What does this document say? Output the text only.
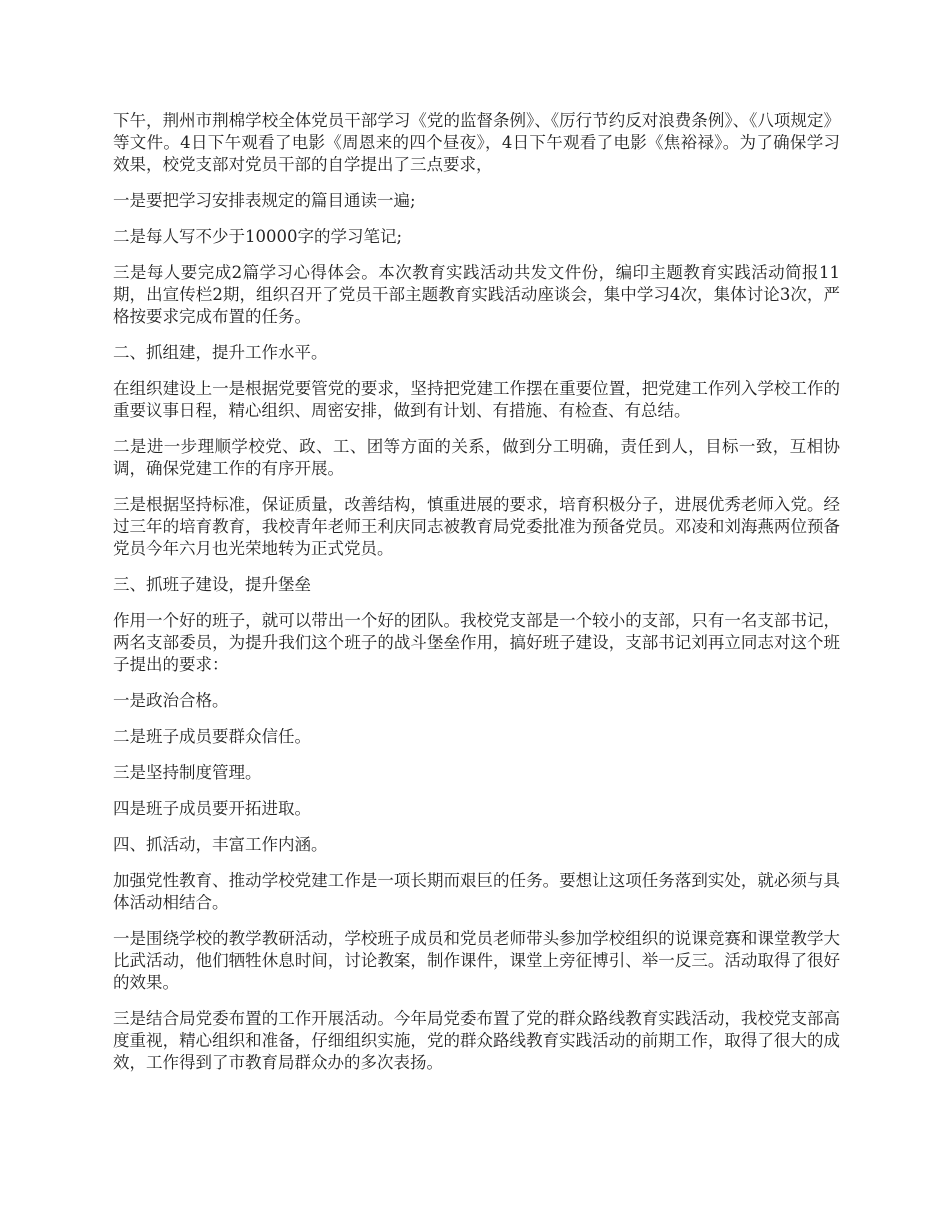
下午，荆州市荆棉学校全体党员干部学习《党的监督条例》、《厉行节约反对浪费条例》、《八项规定》等文件。4日下午观看了电影《周恩来的四个昼夜》，4日下午观看了电影《焦裕禄》。为了确保学习效果，校党支部对党员干部的自学提出了三点要求，

一是要把学习安排表规定的篇目通读一遍;

二是每人写不少于10000字的学习笔记;

三是每人要完成2篇学习心得体会。本次教育实践活动共发文件份，编印主题教育实践活动简报11期，出宣传栏2期，组织召开了党员干部主题教育实践活动座谈会，集中学习4次，集体讨论3次，严格按要求完成布置的任务。

二、抓组建，提升工作水平。

在组织建设上一是根据党要管党的要求，坚持把党建工作摆在重要位置，把党建工作列入学校工作的重要议事日程，精心组织、周密安排，做到有计划、有措施、有检查、有总结。

二是进一步理顺学校党、政、工、团等方面的关系，做到分工明确，责任到人，目标一致，互相协调，确保党建工作的有序开展。

三是根据坚持标准，保证质量，改善结构，慎重进展的要求，培育积极分子，进展优秀老师入党。经过三年的培育教育，我校青年老师王利庆同志被教育局党委批准为预备党员。邓凌和刘海燕两位预备党员今年六月也光荣地转为正式党员。

三、抓班子建设，提升堡垒

作用一个好的班子，就可以带出一个好的团队。我校党支部是一个较小的支部，只有一名支部书记，两名支部委员，为提升我们这个班子的战斗堡垒作用，搞好班子建设，支部书记刘再立同志对这个班子提出的要求：

一是政治合格。

二是班子成员要群众信任。

三是坚持制度管理。

四是班子成员要开拓进取。

四、抓活动，丰富工作内涵。

加强党性教育、推动学校党建工作是一项长期而艰巨的任务。要想让这项任务落到实处，就必须与具体活动相结合。

一是围绕学校的教学教研活动，学校班子成员和党员老师带头参加学校组织的说课竞赛和课堂教学大比武活动，他们牺牲休息时间，讨论教案，制作课件，课堂上旁征博引、举一反三。活动取得了很好的效果。

三是结合局党委布置的工作开展活动。今年局党委布置了党的群众路线教育实践活动，我校党支部高度重视，精心组织和准备，仔细组织实施，党的群众路线教育实践活动的前期工作，取得了很大的成效，工作得到了市教育局群众办的多次表扬。
